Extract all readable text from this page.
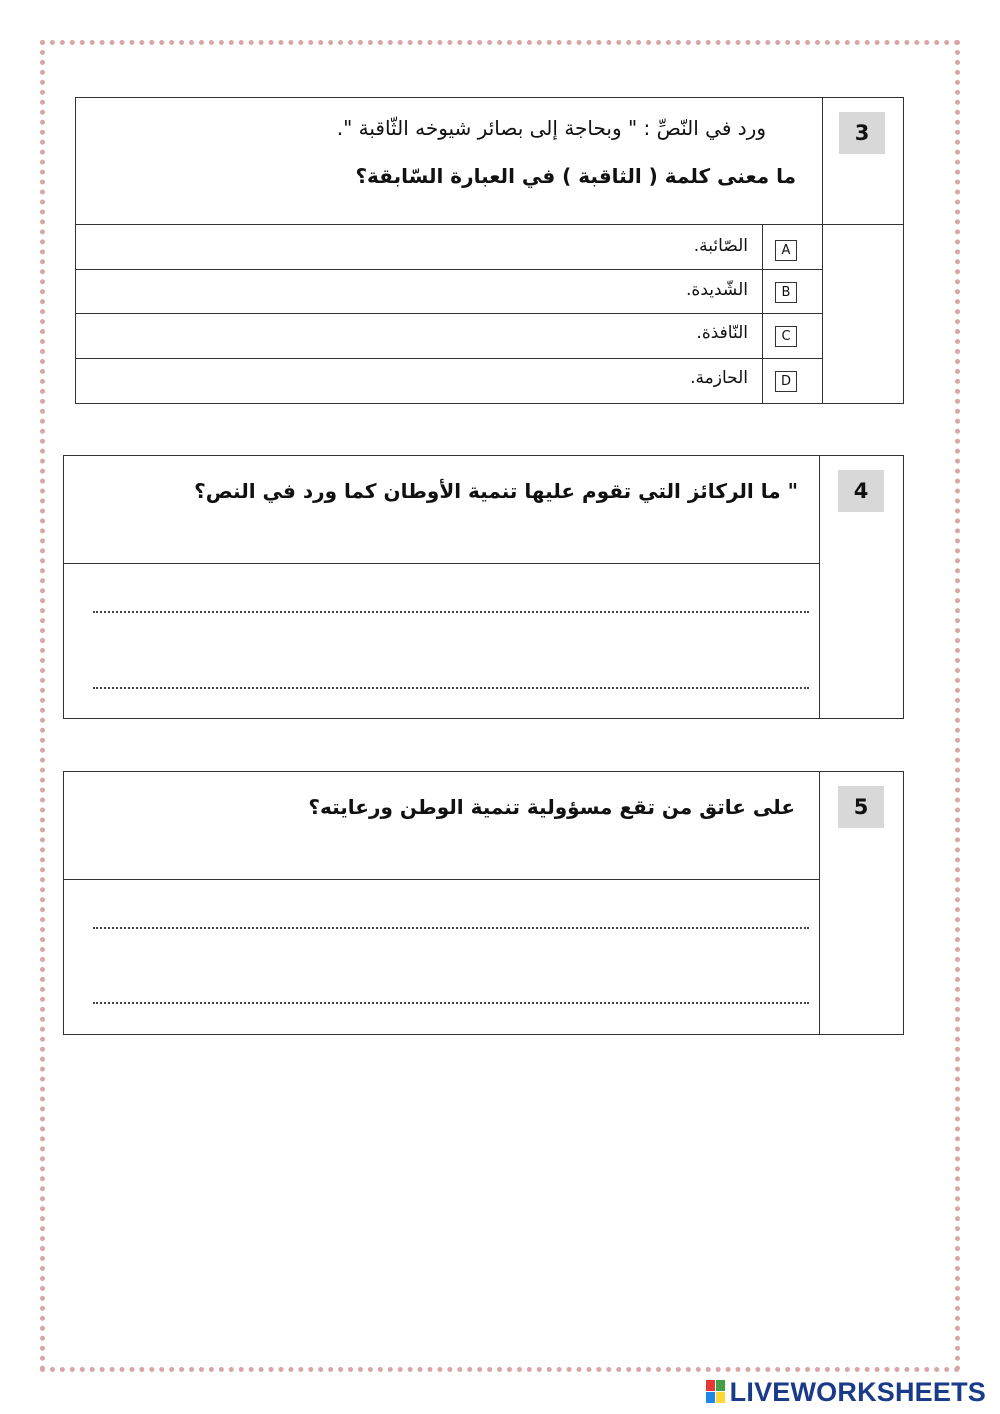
3
ورد في النّصِّ : " وبحاجة إلى بصائر شيوخه الثّاقبة ".
ما معنى كلمة ( الثاقبة ) في العبارة السّابقة؟
A
الصّائبة.
B
الشّديدة.
C
النّافذة.
D
الحازمة.
4
" ما الركائز التي تقوم عليها تنمية الأوطان كما ورد في النص؟
5
على عاتق من تقع مسؤولية تنمية الوطن ورعايته؟
LIVEWORKSHEETS
